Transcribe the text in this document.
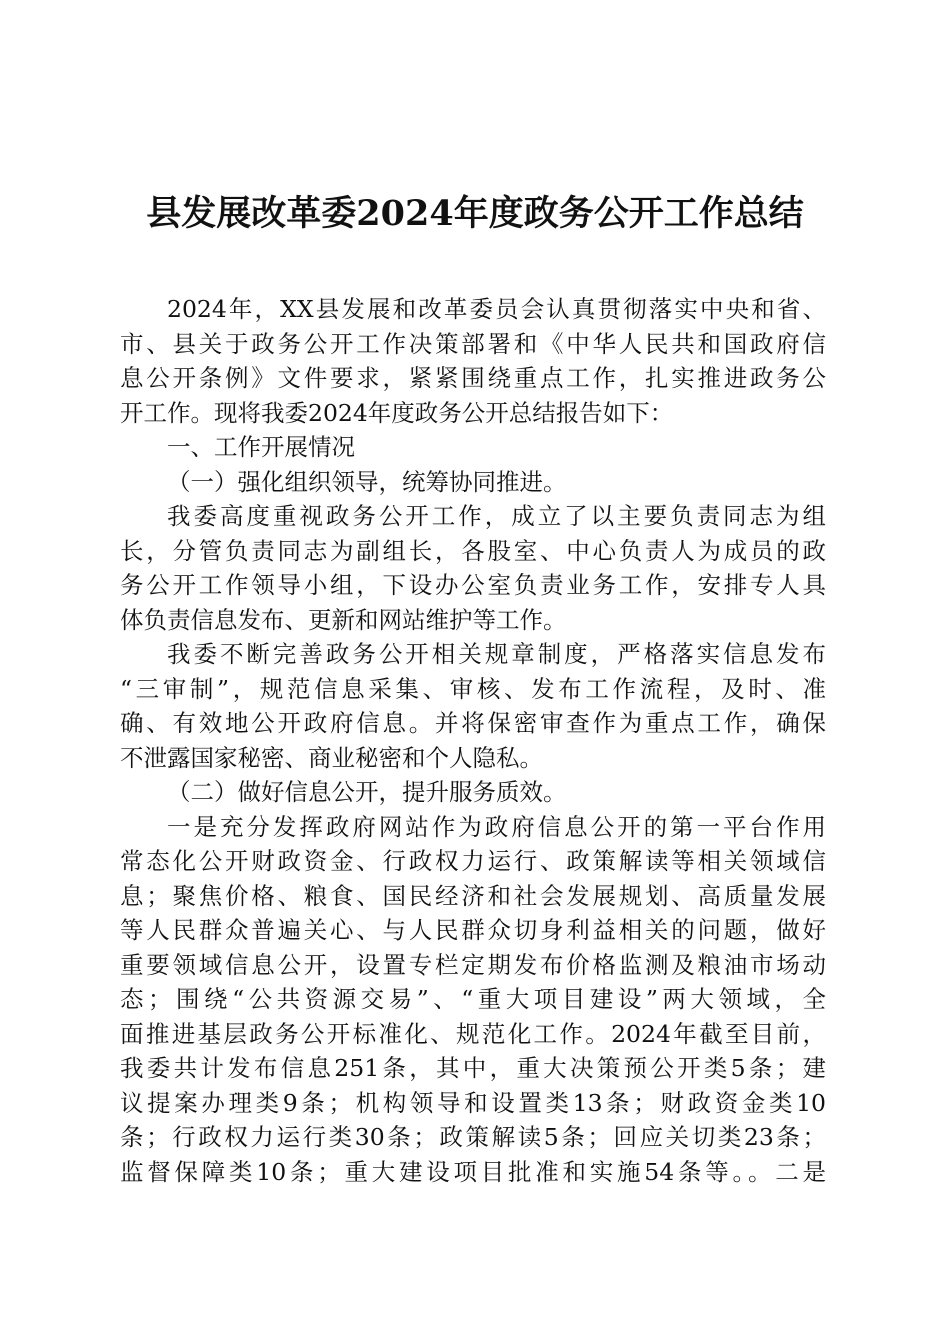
县发展改革委2024年度政务公开工作总结

2024年，XX县发展和改革委员会认真贯彻落实中央和省、
市、县关于政务公开工作决策部署和《中华人民共和国政府信
息公开条例》文件要求，紧紧围绕重点工作，扎实推进政务公
开工作。现将我委2024年度政务公开总结报告如下：

一、工作开展情况

（一）强化组织领导，统筹协同推进。

我委高度重视政务公开工作，成立了以主要负责同志为组
长，分管负责同志为副组长，各股室、中心负责人为成员的政
务公开工作领导小组，下设办公室负责业务工作，安排专人具
体负责信息发布、更新和网站维护等工作。

我委不断完善政务公开相关规章制度，严格落实信息发布
“三审制”，规范信息采集、审核、发布工作流程，及时、准
确、有效地公开政府信息。并将保密审查作为重点工作，确保
不泄露国家秘密、商业秘密和个人隐私。

（二）做好信息公开，提升服务质效。

一是充分发挥政府网站作为政府信息公开的第一平台作用
常态化公开财政资金、行政权力运行、政策解读等相关领域信
息；聚焦价格、粮食、国民经济和社会发展规划、高质量发展
等人民群众普遍关心、与人民群众切身利益相关的问题，做好
重要领域信息公开，设置专栏定期发布价格监测及粮油市场动
态；围绕“公共资源交易”、“重大项目建设”两大领域，全
面推进基层政务公开标准化、规范化工作。2024年截至目前，
我委共计发布信息251条，其中，重大决策预公开类5条；建
议提案办理类9条；机构领导和设置类13条；财政资金类10
条；行政权力运行类30条；政策解读5条；回应关切类23条；
监督保障类10条；重大建设项目批准和实施54条等。。二是
